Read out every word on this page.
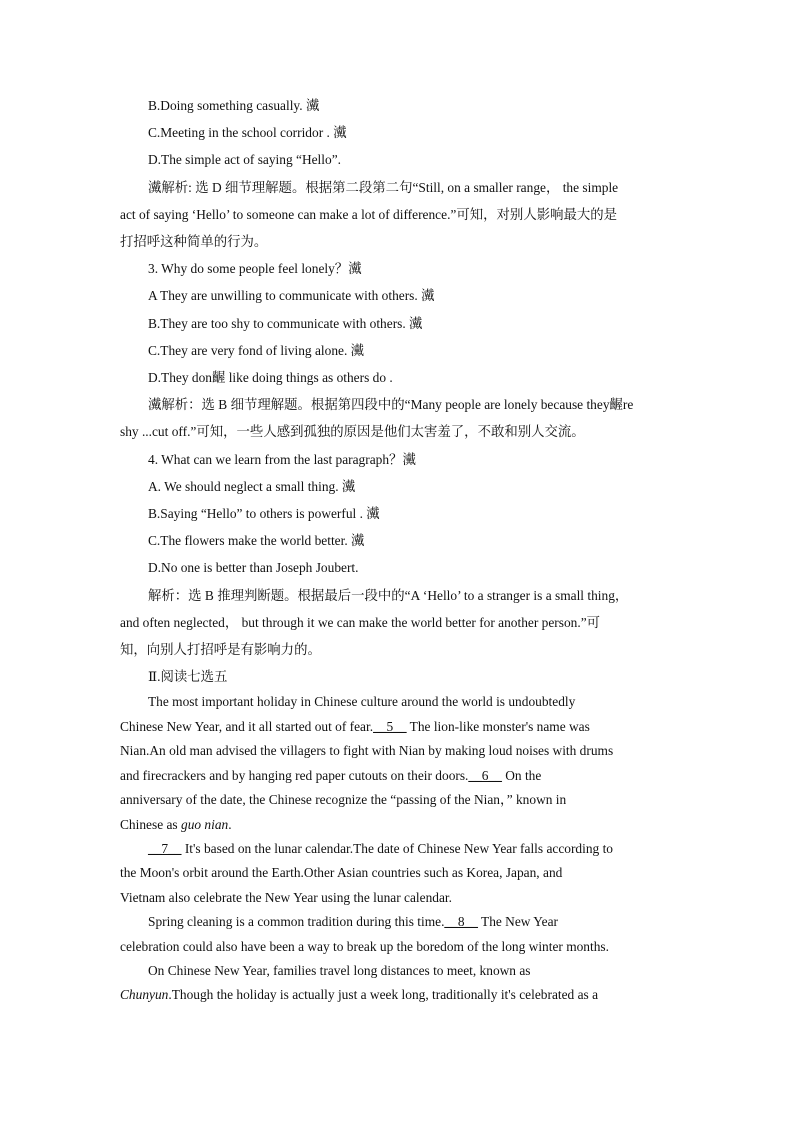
B.Doing something casually. 瀻

C.Meeting in the school corridor . 瀻

D.The simple act of saying “Hello”.

瀻解析: 选 D 细节理解题。根据第二段第二句“Still, on a smaller range， the simple

act of saying ‘Hello’ to someone can make a lot of difference.”可知，对别人影响最大的是

打招呼这种简单的行为。

3. Why do some people feel lonely？瀻

A They are unwilling to communicate with others. 瀻

B.They are too shy to communicate with others. 瀻

C.They are very fond of living alone. 瀻

D.They don齷 like doing things as others do .

瀻解析：选 B 细节理解题。根据第四段中的“Many people are lonely because they齷re

shy ...cut off.”可知，一些人感到孤独的原因是他们太害羞了，不敢和别人交流。

4. What can we learn from the last paragraph？瀻

A. We should neglect a small thing. 瀻

B.Saying “Hello” to others is powerful . 瀻

C.The flowers make the world better. 瀻

D.No one is better than Joseph Joubert.

解析：选 B 推理判断题。根据最后一段中的“A ‘Hello’ to a stranger is a small thing，

and often neglected， but through it we can make the world better for another person.”可

知，向别人打招呼是有影响力的。

Ⅱ.阅读七选五

The most important holiday in Chinese culture around the world is undoubtedly

Chinese New Year, and it all started out of fear.__5__ The lion-like monster's name was

Nian.An old man advised the villagers to fight with Nian by making loud noises with drums

and firecrackers and by hanging red paper cutouts on their doors.__6__ On the

anniversary of the date, the Chinese recognize the “passing of the Nian，” known in

Chinese as guo nian.

__7__ It's based on the lunar calendar.The date of Chinese New Year falls according to

the Moon's orbit around the Earth.Other Asian countries such as Korea, Japan, and

Vietnam also celebrate the New Year using the lunar calendar.

Spring cleaning is a common tradition during this time.__8__ The New Year

celebration could also have been a way to break up the boredom of the long winter months.

On Chinese New Year, families travel long distances to meet, known as

Chunyun.Though the holiday is actually just a week long, traditionally it's celebrated as a
